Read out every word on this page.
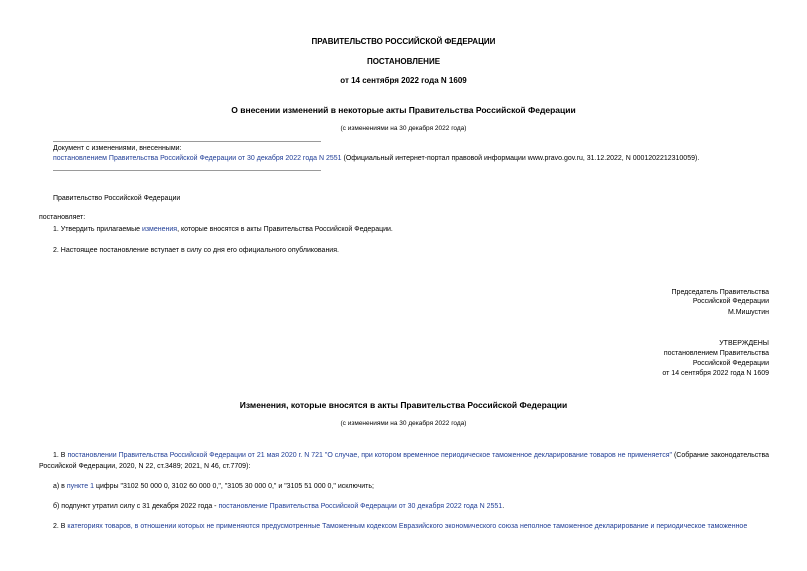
ПРАВИТЕЛЬСТВО РОССИЙСКОЙ ФЕДЕРАЦИИ
ПОСТАНОВЛЕНИЕ
от 14 сентября 2022 года N 1609
О внесении изменений в некоторые акты Правительства Российской Федерации
(с изменениями на 30 декабря 2022 года)
Документ с изменениями, внесенными:
постановлением Правительства Российской Федерации от 30 декабря 2022 года N 2551 (Официальный интернет-портал правовой информации www.pravo.gov.ru, 31.12.2022, N 0001202212310059).
Правительство Российской Федерации
постановляет:
1. Утвердить прилагаемые изменения, которые вносятся в акты Правительства Российской Федерации.
2. Настоящее постановление вступает в силу со дня его официального опубликования.
Председатель Правительства
Российской Федерации
М.Мишустин
УТВЕРЖДЕНЫ
постановлением Правительства
Российской Федерации
от 14 сентября 2022 года N 1609
Изменения, которые вносятся в акты Правительства Российской Федерации
(с изменениями на 30 декабря 2022 года)
1. В постановлении Правительства Российской Федерации от 21 мая 2020 г. N 721 "О случае, при котором временное периодическое таможенное декларирование товаров не применяется" (Собрание законодательства Российской Федерации, 2020, N 22, ст.3489; 2021, N 46, ст.7709):
а) в пункте 1 цифры "3102 50 000 0, 3102 60 000 0,", "3105 30 000 0," и "3105 51 000 0," исключить;
б) подпункт утратил силу с 31 декабря 2022 года - постановление Правительства Российской Федерации от 30 декабря 2022 года N 2551.
2. В категориях товаров, в отношении которых не применяются предусмотренные Таможенным кодексом Евразийского экономического союза неполное таможенное декларирование и периодическое таможенное
